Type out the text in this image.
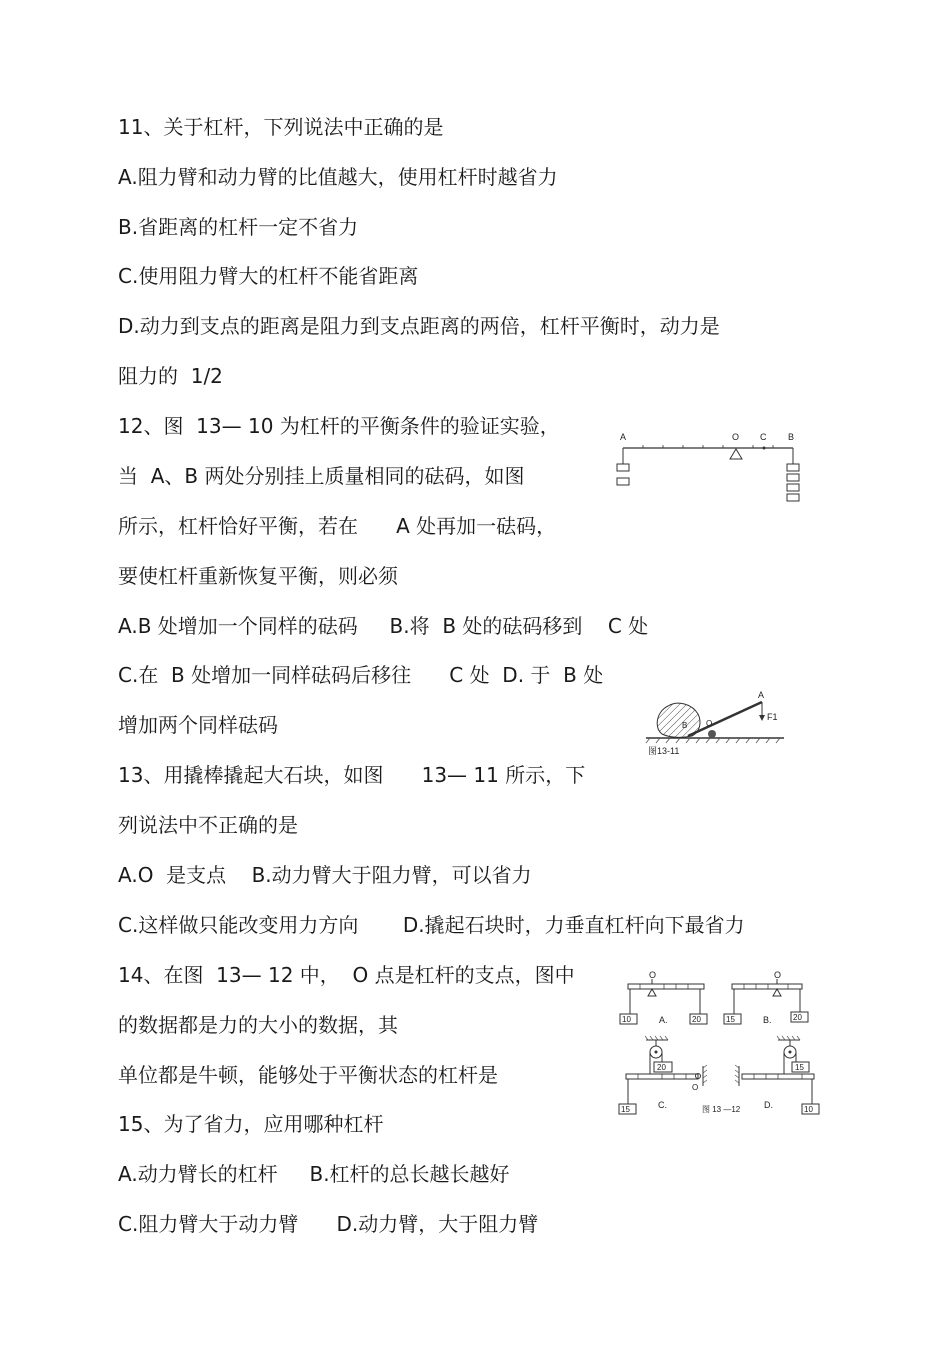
11、关于杠杆，下列说法中正确的是
A.阻力臂和动力臂的比值越大，使用杠杆时越省力
B.省距离的杠杆一定不省力
C.使用阻力臂大的杠杆不能省距离
D.动力到支点的距离是阻力到支点距离的两倍，杠杆平衡时，动力是
阻力的  1/2
12、图  13— 10 为杠杆的平衡条件的验证实验，
当  A、B 两处分别挂上质量相同的砝码，如图
所示，杠杆恰好平衡，若在      A 处再加一砝码，
要使杠杆重新恢复平衡，则必须
A.B 处增加一个同样的砝码     B.将  B 处的砝码移到    C 处
C.在  B 处增加一同样砝码后移往      C 处  D. 于  B 处
增加两个同样砝码
13、用撬棒撬起大石块，如图      13— 11 所示，下
列说法中不正确的是
A.O  是支点    B.动力臂大于阻力臂，可以省力
C.这样做只能改变用力方向       D.撬起石块时，力垂直杠杆向下最省力
14、在图  13— 12 中，  O 点是杠杆的支点，图中
的数据都是力的大小的数据，其
单位都是牛顿，能够处于平衡状态的杠杆是
15、为了省力，应用哪种杠杆
A.动力臂长的杠杆     B.杠杆的总长越长越好
C.阻力臂大于动力臂      D.动力臂，大于阻力臂
A	O C B
A
F1
B O
图13-11
O
10	20
A.
O
15	20
B.
20
O
15	C.	图 13 —12
15
10
D.
